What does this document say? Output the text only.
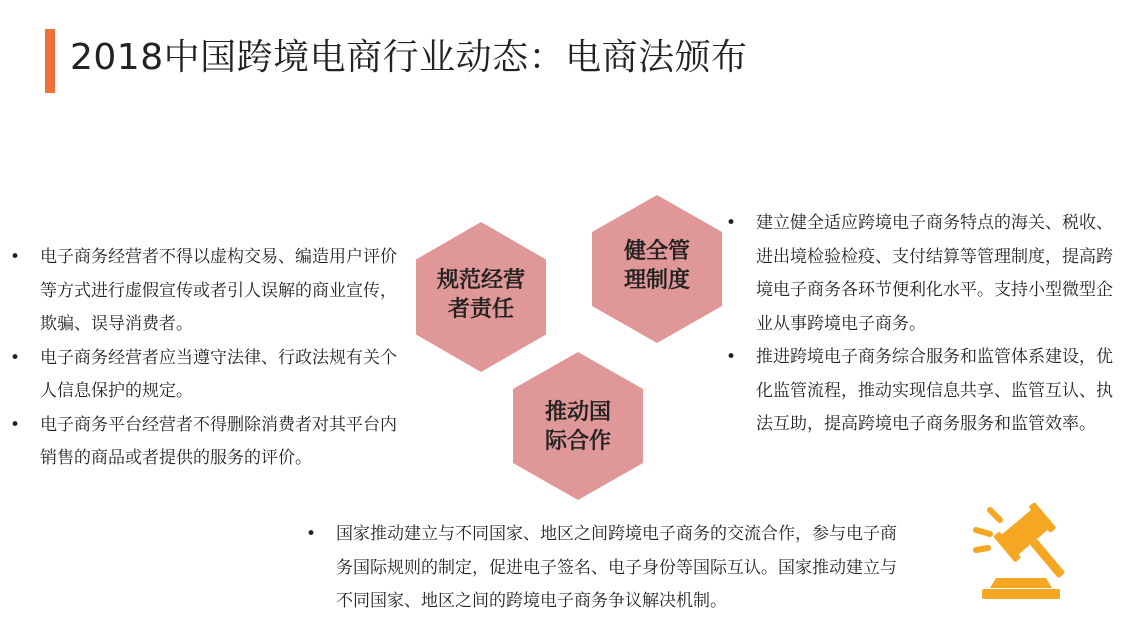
2018中国跨境电商行业动态：电商法颁布
• 电子商务经营者不得以虚构交易、编造用户评价等方式进行虚假宣传或者引人误解的商业宣传，欺骗、误导消费者。
• 电子商务经营者应当遵守法律、行政法规有关个人信息保护的规定。
• 电子商务平台经营者不得删除消费者对其平台内销售的商品或者提供的服务的评价。
规范经营
者责任
健全管
理制度
推动国
际合作
• 建立健全适应跨境电子商务特点的海关、税收、进出境检验检疫、支付结算等管理制度，提高跨境电子商务各环节便利化水平。支持小型微型企业从事跨境电子商务。
• 推进跨境电子商务综合服务和监管体系建设，优化监管流程，推动实现信息共享、监管互认、执法互助，提高跨境电子商务服务和监管效率。
• 国家推动建立与不同国家、地区之间跨境电子商务的交流合作，参与电子商务国际规则的制定，促进电子签名、电子身份等国际互认。国家推动建立与不同国家、地区之间的跨境电子商务争议解决机制。
